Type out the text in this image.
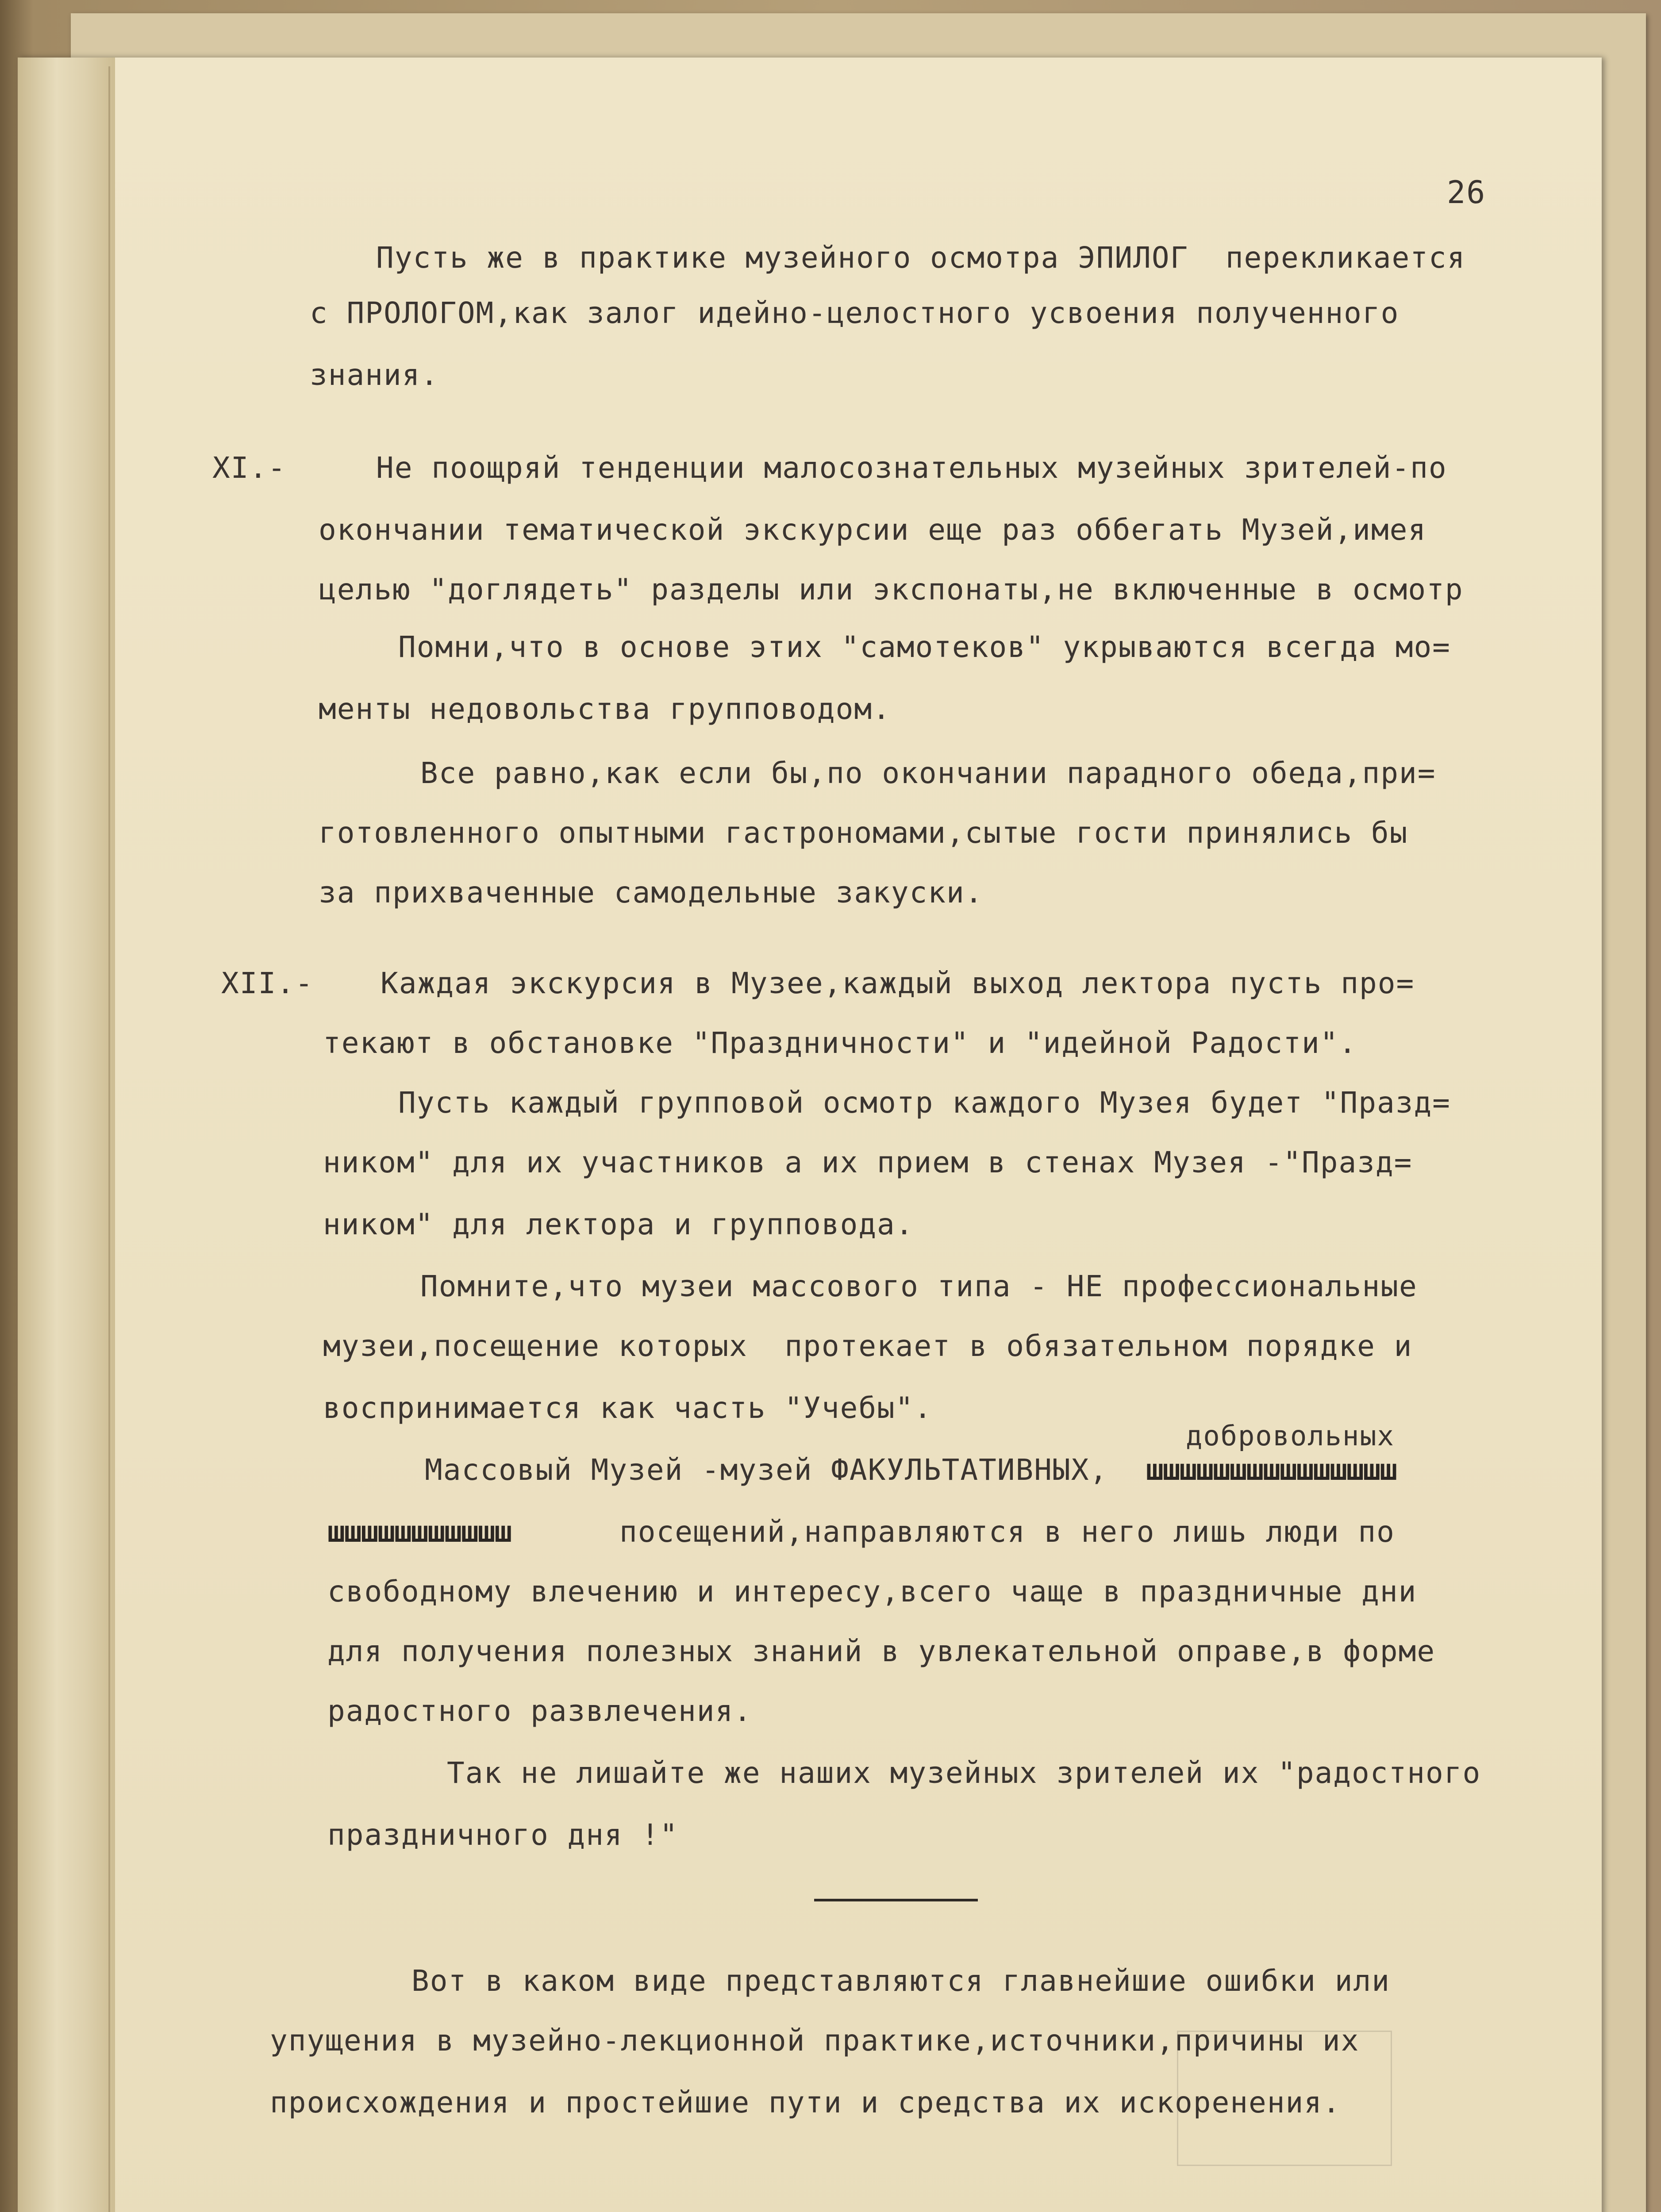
26
Пусть же в практике музейного осмотра ЭПИЛОГ  перекликается
с ПРОЛОГОМ,как залог идейно-целостного усвоения полученного
знания.
XI.-	Не поощряй тенденции малосознательных музейных зрителей-по
окончании тематической экскурсии еще раз оббегать Музей,имея
целью "доглядеть" разделы или экспонаты,не включенные в осмотр
Помни,что в основе этих "самотеков" укрываются всегда мо=
менты недовольства групповодом.
Все равно,как если бы,по окончании парадного обеда,при=
готовленного опытными гастрономами,сытые гости принялись бы
за прихваченные самодельные закуски.
XII.- Каждая экскурсия в Музее,каждый выход лектора пусть про=
текают в обстановке "Праздничности" и "идейной Радости".
Пусть каждый групповой осмотр каждого Музея будет "Празд=
ником" для их участников а их прием в стенах Музея -"Празд=
ником" для лектора и групповода.
Помните,что музеи массового типа - НЕ профессиональные
музеи,посещение которых  протекает в обязательном порядке и
воспринимается как часть "Учебы".
добровольных
Массовый Музей -музей ФАКУЛЬТАТИВНЫХ, шшшшшшшшшшшшшшш
шшшшшшшшшшш	посещений,направляются в него лишь люди по
свободному влечению и интересу,всего чаще в праздничные дни
для получения полезных знаний в увлекательной оправе,в форме
радостного развлечения.
Так не лишайте же наших музейных зрителей их "радостного
праздничного дня !"
Вот в каком виде представляются главнейшие ошибки или
упущения в музейно-лекционной практике,источники,причины их
происхождения и простейшие пути и средства их искоренения.
